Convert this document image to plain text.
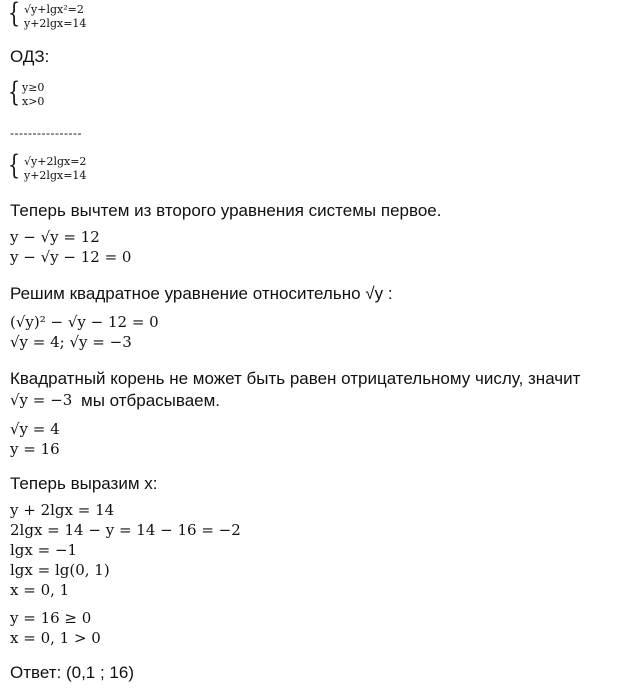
{ √y+lgx²=2
y+2lgx=14
ОДЗ:
{ y≥0
x>0
----------------
{ √y+2lgx=2
y+2lgx=14
Теперь вычтем из второго уравнения системы первое.
y − √y = 12
y − √y − 12 = 0
Решим квадратное уравнение относительно √y :
(√y)² − √y − 12 = 0
√y = 4; √y = −3
Квадратный корень не может быть равен отрицательному числу, значит
√y = −3 мы отбрасываем.
√y = 4
y = 16
Теперь выразим x:
y + 2lgx = 14
2lgx = 14 − y = 14 − 16 = −2
lgx = −1
lgx = lg(0, 1)
x = 0, 1
y = 16 ≥ 0
x = 0, 1 > 0
Ответ: (0,1 ; 16)
